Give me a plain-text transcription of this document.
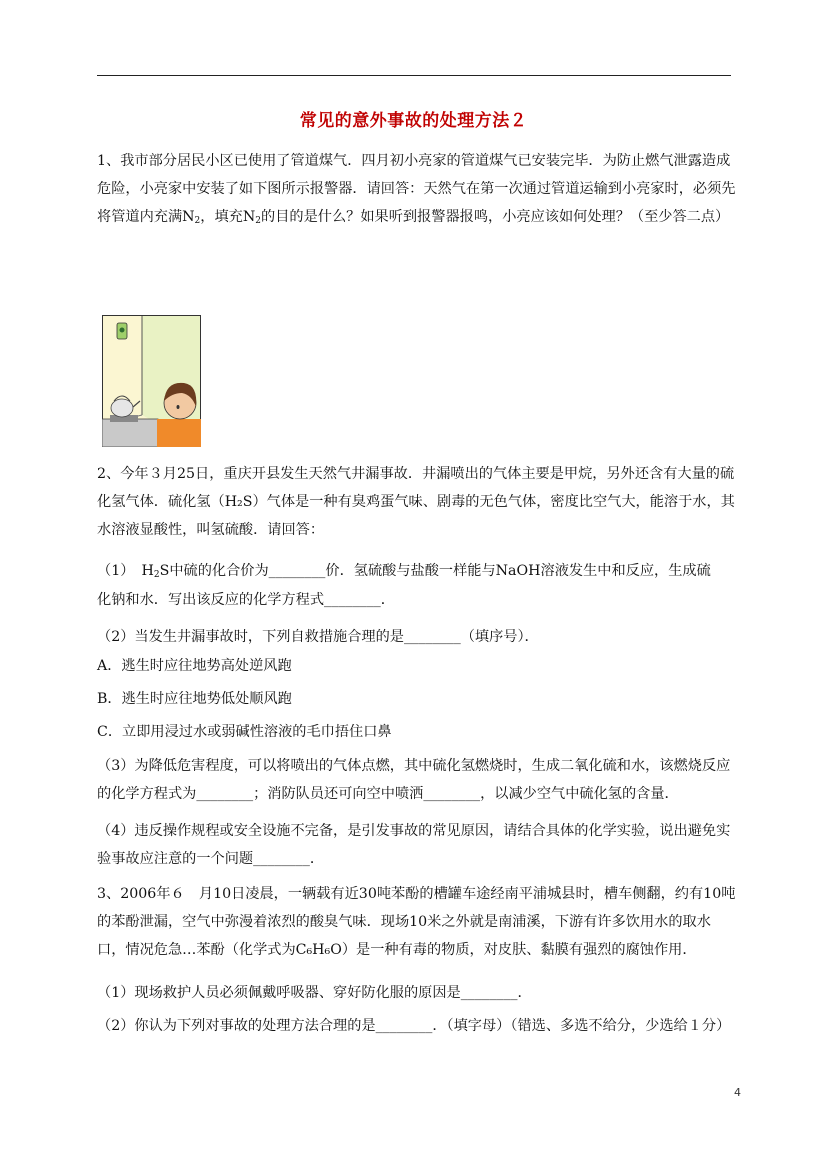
常见的意外事故的处理方法２
1、我市部分居民小区已使用了管道煤气．四月初小亮家的管道煤气已安装完毕．为防止燃气泄露造成危险，小亮家中安装了如下图所示报警器．请回答：天然气在第一次通过管道运输到小亮家时，必须先将管道内充满$N_2$，填充$N_2$的目的是什么？如果听到报警器报鸣，小亮应该如何处理？（至少答二点）
2、今年３月25日，重庆开县发生天然气井漏事故．井漏喷出的气体主要是甲烷，另外还含有大量的硫化氢气体．硫化氢（H₂S）气体是一种有臭鸡蛋气味、剧毒的无色气体，密度比空气大，能溶于水，其水溶液显酸性，叫氢硫酸．请回答：
（1）　$H_2S$中硫的化合价为________价．氢硫酸与盐酸一样能与NaOH溶液发生中和反应，生成硫
化钠和水．写出该反应的化学方程式________．
（2）当发生井漏事故时，下列自救措施合理的是________（填序号）．
A．逃生时应往地势高处逆风跑
B．逃生时应往地势低处顺风跑
C．立即用浸过水或弱碱性溶液的毛巾捂住口鼻
（3）为降低危害程度，可以将喷出的气体点燃，其中硫化氢燃烧时，生成二氧化硫和水，该燃烧反应的化学方程式为________；消防队员还可向空中喷洒________，以减少空气中硫化氢的含量．
（4）违反操作规程或安全设施不完备，是引发事故的常见原因，请结合具体的化学实验，说出避免实验事故应注意的一个问题________．
3、2006年６　月10日凌晨，一辆载有近30吨苯酚的槽罐车途经南平浦城县时，槽车侧翻，约有10吨的苯酚泄漏，空气中弥漫着浓烈的酸臭气味．现场10米之外就是南浦溪，下游有许多饮用水的取水口，情况危急…苯酚（化学式为C₆H₆O）是一种有毒的物质，对皮肤、黏膜有强烈的腐蚀作用．
（1）现场救护人员必须佩戴呼吸器、穿好防化服的原因是________．
（2）你认为下列对事故的处理方法合理的是________．（填字母）（错选、多选不给分，少选给１分）
4
